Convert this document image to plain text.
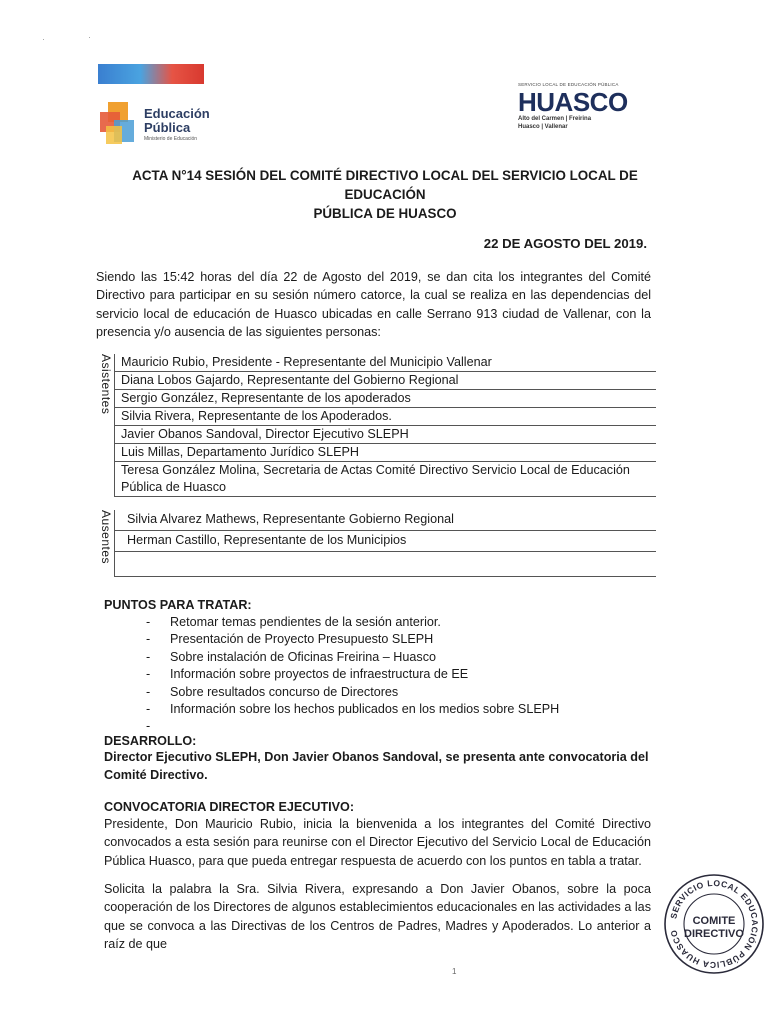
·	·
Educación
Pública
Ministerio de Educación
SERVICIO LOCAL DE EDUCACIÓN PÚBLICA
HUASCO
Alto del Carmen | Freirina
Huasco | Vallenar
ACTA N°14 SESIÓN DEL COMITÉ DIRECTIVO LOCAL DEL SERVICIO LOCAL DE EDUCACIÓN
PÚBLICA DE HUASCO
22 DE AGOSTO DEL 2019.
Siendo las 15:42 horas del día 22 de Agosto del 2019, se dan cita los integrantes del Comité Directivo para participar en su sesión número catorce, la cual se realiza en las dependencias del servicio local de educación de Huasco ubicadas en calle Serrano 913 ciudad de Vallenar, con la presencia y/o ausencia de las siguientes personas:
Asistentes	Mauricio Rubio, Presidente - Representante del Municipio Vallenar
Diana Lobos Gajardo, Representante del Gobierno Regional
Sergio González, Representante de los apoderados
Silvia Rivera, Representante de los Apoderados.
Javier Obanos Sandoval, Director Ejecutivo SLEPH
Luis Millas, Departamento Jurídico SLEPH
Teresa González Molina, Secretaria de Actas Comité Directivo Servicio Local de Educación Pública de Huasco
Ausentes	Silvia Alvarez Mathews, Representante Gobierno Regional
Herman Castillo, Representante de los Municipios

PUNTOS PARA TRATAR:
- Retomar temas pendientes de la sesión anterior.
- Presentación de Proyecto Presupuesto SLEPH
- Sobre instalación de Oficinas Freirina – Huasco
- Información sobre proyectos de infraestructura de EE
- Sobre resultados concurso de Directores
- Información sobre los hechos publicados en los medios sobre SLEPH
-
DESARROLLO:
Director Ejecutivo SLEPH, Don Javier Obanos Sandoval, se presenta ante convocatoria del Comité Directivo.
CONVOCATORIA DIRECTOR EJECUTIVO:
Presidente, Don Mauricio Rubio, inicia la bienvenida a los integrantes del Comité Directivo convocados a esta sesión para reunirse con el Director Ejecutivo del Servicio Local de Educación Pública Huasco, para que pueda entregar respuesta de acuerdo con los puntos en tabla a tratar.
Solicita la palabra la Sra. Silvia Rivera, expresando a Don Javier Obanos, sobre la poca cooperación de los Directores de algunos establecimientos educacionales en las actividades a las que se convoca a las Directivas de los Centros de Padres, Madres y Apoderados. Lo anterior a raíz de que
1
SERVICIO LOCAL EDUCACIÓN PÚBLICA HUASCO
COMITE
DIRECTIVO
